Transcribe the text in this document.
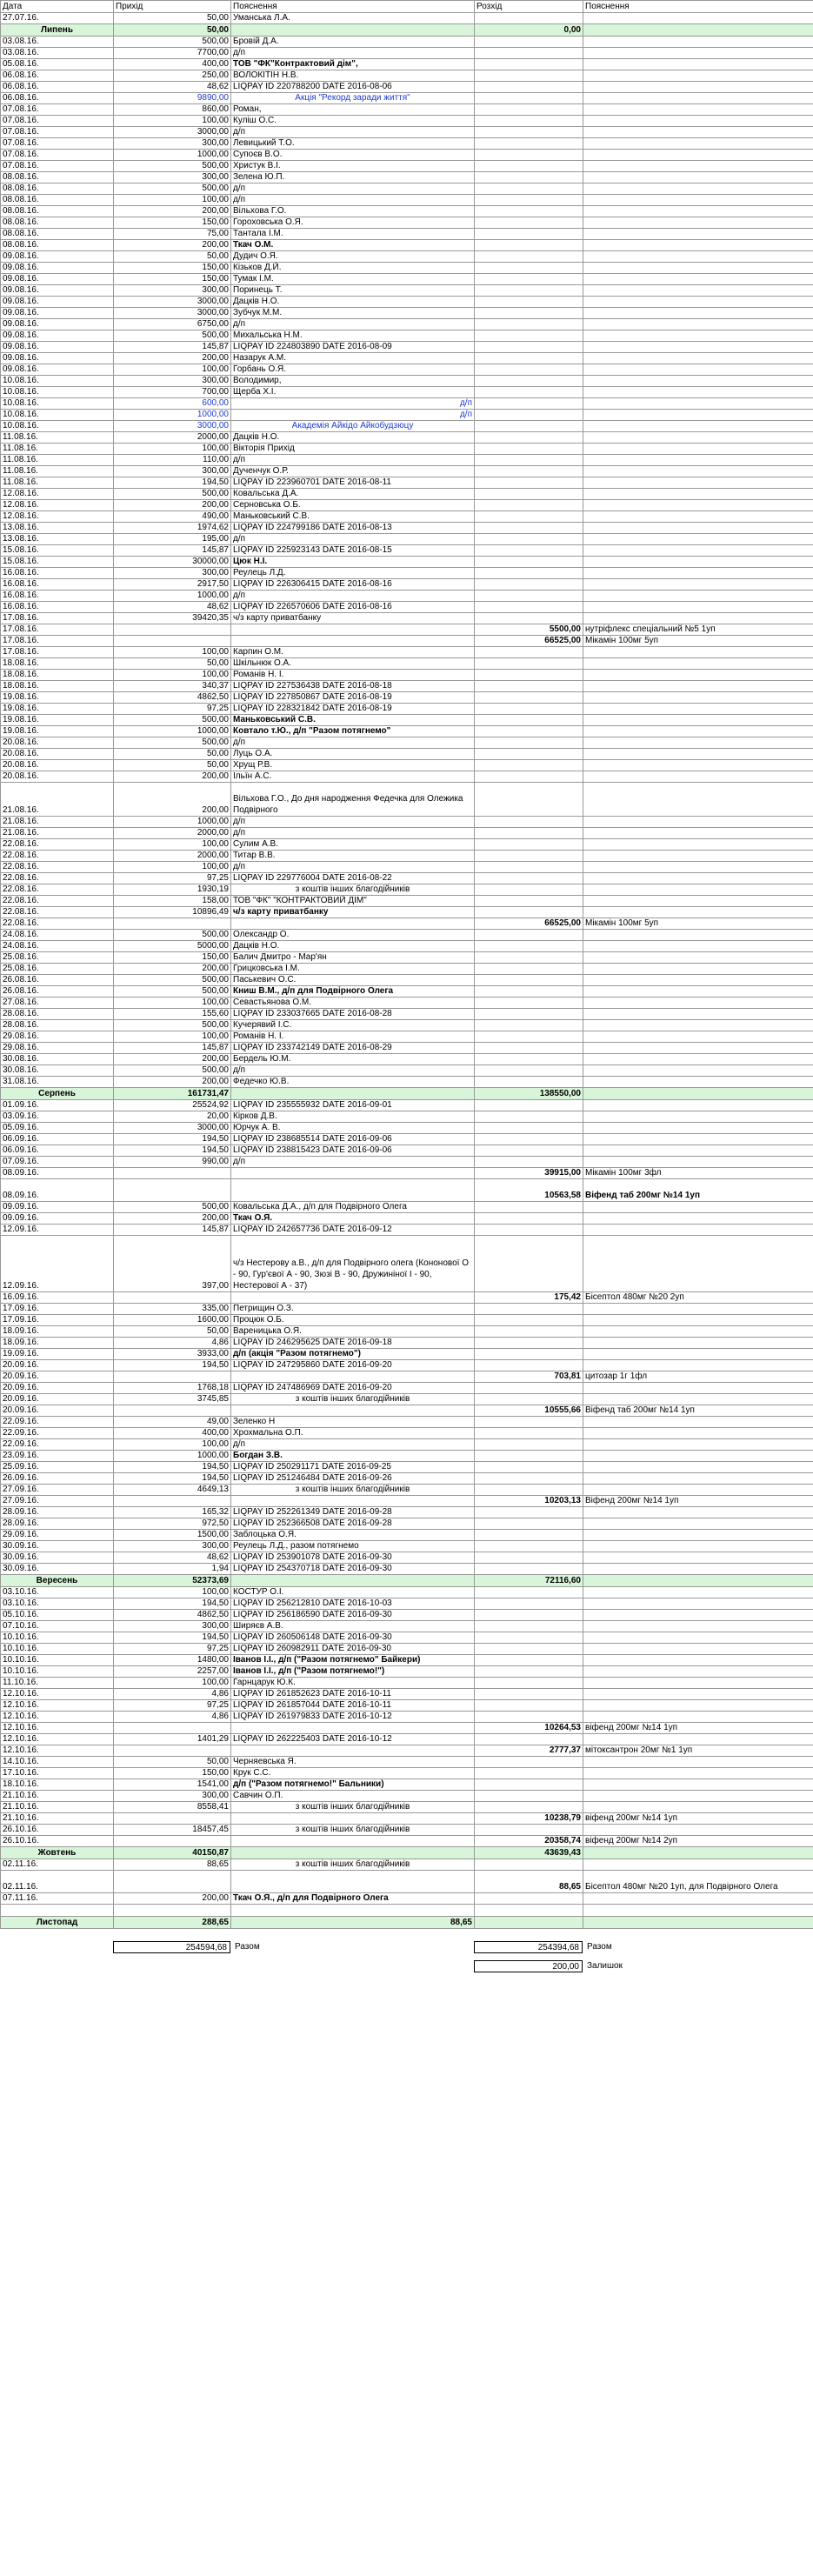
Дата	Прихід	Пояснення	Розхід	Пояснення
27.07.16.	50,00	Уманська Л.А.		
Липень	50,00		0,00	
03.08.16.	500,00	Бровій Д.А.		
03.08.16.	7700,00	д/п		
05.08.16.	400,00	ТОВ "ФК"Контрактовий дім",		
06.08.16.	250,00	ВОЛОКІТІН Н.В.		
06.08.16.	48,62	LIQPAY ID 220788200 DATE 2016-08-06		
06.08.16.	9890,00	Акція "Рекорд заради життя"		
07.08.16.	860,00	Роман,		
07.08.16.	100,00	Куліш О.С.		
07.08.16.	3000,00	д/п		
07.08.16.	300,00	Левицький Т.О.		
07.08.16.	1000,00	Супоєв В.О.		
07.08.16.	500,00	Христук В.І.		
08.08.16.	300,00	Зелена Ю.П.		
08.08.16.	500,00	д/п		
08.08.16.	100,00	д/п		
08.08.16.	200,00	Вільхова Г.О.		
08.08.16.	150,00	Гороховська О.Я.		
08.08.16.	75,00	Тантала І.М.		
08.08.16.	200,00	Ткач О.М.		
09.08.16.	50,00	Дудич О.Я.		
09.08.16.	150,00	Кізьков Д.Й.		
09.08.16.	150,00	Тумак І.М.		
09.08.16.	300,00	Поринець Т.		
09.08.16.	3000,00	Дацків Н.О.		
09.08.16.	3000,00	Зубчук М.М.		
09.08.16.	6750,00	д/п		
09.08.16.	500,00	Михальська Н.М.		
09.08.16.	145,87	LIQPAY ID 224803890 DATE 2016-08-09		
09.08.16.	200,00	Назарук А.М.		
09.08.16.	100,00	Горбань О.Я.		
10.08.16.	300,00	Володимир,		
10.08.16.	700,00	Щерба Х.І.		
10.08.16.	600,00	д/п		
10.08.16.	1000,00	д/п		
10.08.16.	3000,00	Академія Айкідо Айкобудзюцу		
11.08.16.	2000,00	Дацків Н.О.		
11.08.16.	100,00	Вікторія Прихід		
11.08.16.	110,00	д/п		
11.08.16.	300,00	Дученчук О.Р.		
11.08.16.	194,50	LIQPAY ID 223960701 DATE 2016-08-11		
12.08.16.	500,00	Ковальська Д.А.		
12.08.16.	200,00	Серновська О.Б.		
12.08.16.	490,00	Маньковський С.В.		
13.08.16.	1974,62	LIQPAY ID 224799186 DATE 2016-08-13		
13.08.16.	195,00	д/п		
15.08.16.	145,87	LIQPAY ID 225923143 DATE 2016-08-15		
15.08.16.	30000,00	Цюк Н.І.		
16.08.16.	300,00	Реулець Л.Д.		
16.08.16.	2917,50	LIQPAY ID 226306415 DATE 2016-08-16		
16.08.16.	1000,00	д/п		
16.08.16.	48,62	LIQPAY ID 226570606 DATE 2016-08-16		
17.08.16.	39420,35	ч/з карту приватбанку		
17.08.16.			5500,00	нутріфлекс спеціальний №5 1уп
17.08.16.			66525,00	Мікамін 100мг 5уп
17.08.16.	100,00	Карпин О.М.		
18.08.16.	50,00	Шкільнюк О.А.		
18.08.16.	100,00	Романів Н. І.		
18.08.16.	340,37	LIQPAY ID 227536438 DATE 2016-08-18		
19.08.16.	4862,50	LIQPAY ID 227850867 DATE 2016-08-19		
19.08.16.	97,25	LIQPAY ID 228321842 DATE 2016-08-19		
19.08.16.	500,00	Маньковський С.В.		
19.08.16.	1000,00	Ковтало т.Ю., д/п "Разом потягнемо"		
20.08.16.	500,00	д/п		
20.08.16.	50,00	Луць О.А.		
20.08.16.	50,00	Хрущ Р.В.		
20.08.16.	200,00	Ільїн А.С.		
21.08.16.	200,00	Вільхова Г.О., До дня народження Федечка для Олежика Подвірного		
21.08.16.	1000,00	д/п		
21.08.16.	2000,00	д/п		
22.08.16.	100,00	Сулим А.В.		
22.08.16.	2000,00	Титар В.В.		
22.08.16.	100,00	д/п		
22.08.16.	97,25	LIQPAY ID 229776004 DATE 2016-08-22		
22.08.16.	1930,19	з коштів інших благодійників		
22.08.16.	158,00	ТОВ "ФК" "КОНТРАКТОВИЙ ДІМ"		
22.08.16.	10896,49	ч/з карту приватбанку		
22.08.16.			66525,00	Мікамін 100мг 5уп
24.08.16.	500,00	Олександр О.		
24.08.16.	5000,00	Дацків Н.О.		
25.08.16.	150,00	Балич Дмитро - Мар'ян		
25.08.16.	200,00	Грицковська І.М.		
26.08.16.	500,00	Паськевич О.С.		
26.08.16.	500,00	Книш В.М., д/п для Подвірного Олега		
27.08.16.	100,00	Севастьянова О.М.		
28.08.16.	155,60	LIQPAY ID 233037665 DATE 2016-08-28		
28.08.16.	500,00	Кучерявий І.С.		
29.08.16.	100,00	Романів Н. І.		
29.08.16.	145,87	LIQPAY ID 233742149 DATE 2016-08-29		
30.08.16.	200,00	Бердель Ю.М.		
30.08.16.	500,00	д/п		
31.08.16.	200,00	Федечко Ю.В.		
Серпень	161731,47		138550,00	
01.09.16.	25524,92	LIQPAY ID 235555932 DATE 2016-09-01		
03.09.16.	20,00	Кірков Д.В.		
05.09.16.	3000,00	Юрчук А. В.		
06.09.16.	194,50	LIQPAY ID 238685514 DATE 2016-09-06		
06.09.16.	194,50	LIQPAY ID 238815423 DATE 2016-09-06		
07.09.16.	990,00	д/п		
08.09.16.			39915,00	Мікамін 100мг 3фл
08.09.16.			10563,58	Віфенд таб 200мг №14 1уп
09.09.16.	500,00	Ковальська Д.А., д/п для Подвірного Олега		
09.09.16.	200,00	Ткач О.Я.		
12.09.16.	145,87	LIQPAY ID 242657736 DATE 2016-09-12		
12.09.16.	397,00	ч/з Нестерову а.В., д/п для Подвірного олега (Кононової О - 90, Гур'євої А - 90, Зюзі В - 90, Дружиніної І - 90, Нестерової А - 37)		
16.09.16.			175,42	Бісептол 480мг №20 2уп
17.09.16.	335,00	Петрищин О.З.		
17.09.16.	1600,00	Процюк О.Б.		
18.09.16.	50,00	Вареницька О.Я.		
18.09.16.	4,86	LIQPAY ID 246295625 DATE 2016-09-18		
19.09.16.	3933,00	д/п (акція "Разом потягнемо")		
20.09.16.	194,50	LIQPAY ID 247295860 DATE 2016-09-20		
20.09.16.			703,81	цитозар 1г 1фл
20.09.16.	1768,18	LIQPAY ID 247486969 DATE 2016-09-20		
20.09.16.	3745,85	з коштів інших благодійників		
20.09.16.			10555,66	Віфенд таб 200мг №14 1уп
22.09.16.	49,00	Зеленко Н		
22.09.16.	400,00	Хрохмальна О.П.		
22.09.16.	100,00	д/п		
23.09.16.	1000,00	Богдан З.В.		
25.09.16.	194,50	LIQPAY ID 250291171 DATE 2016-09-25		
26.09.16.	194,50	LIQPAY ID 251246484 DATE 2016-09-26		
27.09.16.	4649,13	з коштів інших благодійників		
27.09.16.			10203,13	Віфенд 200мг №14 1уп
28.09.16.	165,32	LIQPAY ID 252261349 DATE 2016-09-28		
28.09.16.	972,50	LIQPAY ID 252366508 DATE 2016-09-28		
29.09.16.	1500,00	Заблоцька О.Я.		
30.09.16.	300,00	Реулець Л.Д., разом потягнемо		
30.09.16.	48,62	LIQPAY ID 253901078 DATE 2016-09-30		
30.09.16.	1,94	LIQPAY ID 254370718 DATE 2016-09-30		
Вересень	52373,69		72116,60	
03.10.16.	100,00	КОСТУР О.І.		
03.10.16.	194,50	LIQPAY ID 256212810 DATE 2016-10-03		
05.10.16.	4862,50	LIQPAY ID 256186590 DATE 2016-09-30		
07.10.16.	300,00	Ширяєв А.В.		
10.10.16.	194,50	LIQPAY ID 260506148 DATE 2016-09-30		
10.10.16.	97,25	LIQPAY ID 260982911 DATE 2016-09-30		
10.10.16.	1480,00	Іванов І.І., д/п ("Разом потягнемо" Байкери)		
10.10.16.	2257,00	Іванов І.І., д/п ("Разом потягнемо!")		
11.10.16.	100,00	Гарнцарук Ю.К.		
12.10.16.	4,86	LIQPAY ID 261852623 DATE 2016-10-11		
12.10.16.	97,25	LIQPAY ID 261857044 DATE 2016-10-11		
12.10.16.	4,86	LIQPAY ID 261979833 DATE 2016-10-12		
12.10.16.			10264,53	віфенд 200мг №14 1уп
12.10.16.	1401,29	LIQPAY ID 262225403 DATE 2016-10-12		
12.10.16.			2777,37	мітоксантрон 20мг №1 1уп
14.10.16.	50,00	Черняевська Я.		
17.10.16.	150,00	Крук С.С.		
18.10.16.	1541,00	д/п ("Разом потягнемо!" Бальники)		
21.10.16.	300,00	Савчин О.П.		
21.10.16.	8558,41	з коштів інших благодійників		
21.10.16.			10238,79	віфенд 200мг №14 1уп
26.10.16.	18457,45	з коштів інших благодійників		
26.10.16.			20358,74	віфенд 200мг №14 2уп
Жовтень	40150,87		43639,43	
02.11.16.	88,65	з коштів інших благодійників		
02.11.16.			88,65	Бісептол 480мг №20 1уп, для Подвірного Олега
07.11.16.	200,00	Ткач О.Я., д/п для Подвірного Олега		

Листопад	288,65	88,65		
254594,68 Разом	254394,68 Разом
200,00 Залишок
